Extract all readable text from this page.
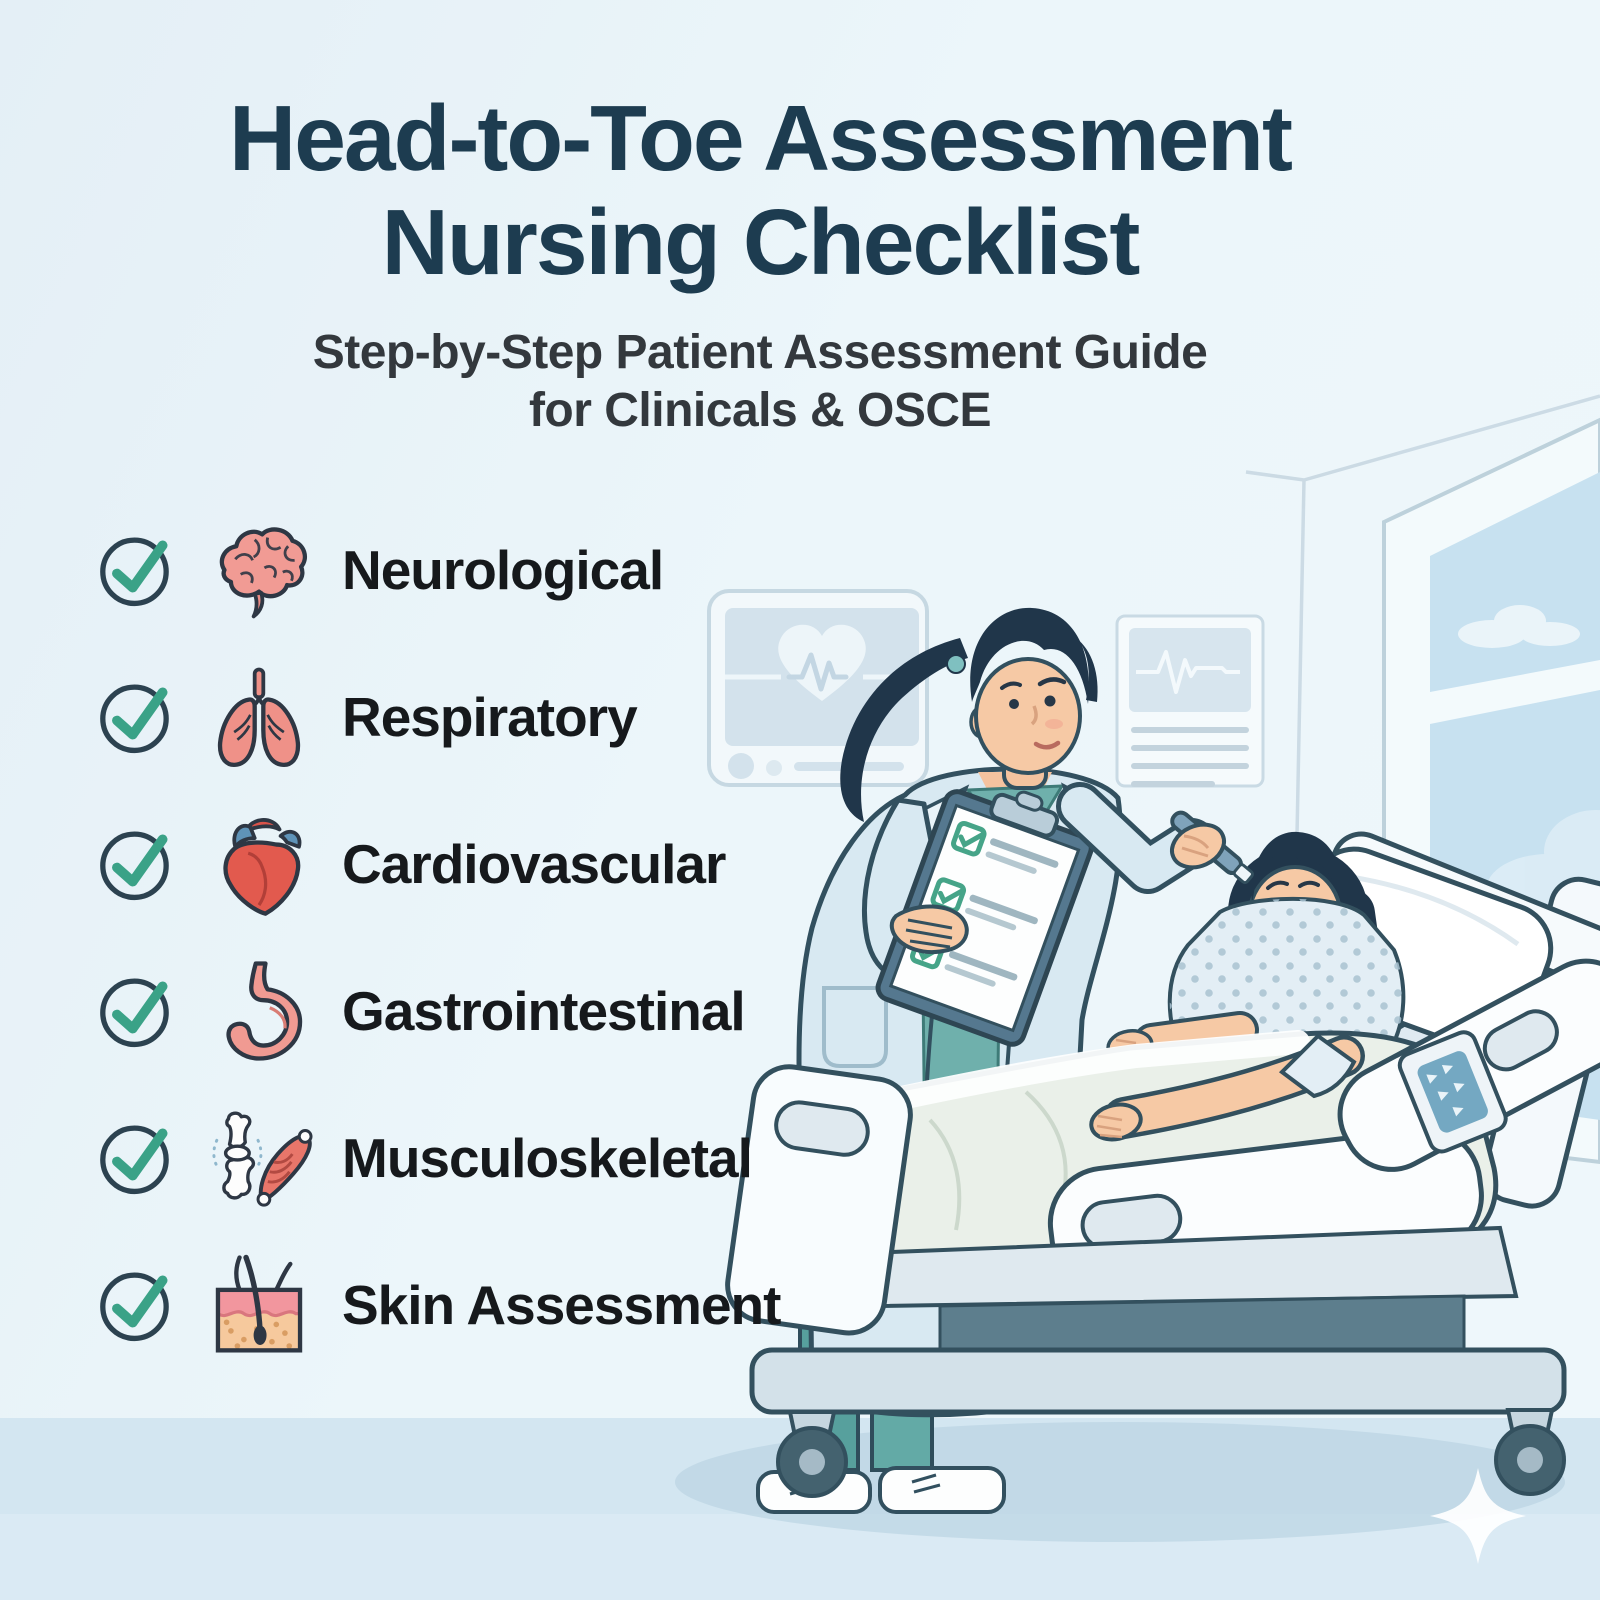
Head-to-Toe Assessment
Nursing Checklist
Step-by-Step Patient Assessment Guide
for Clinicals & OSCE
Neurological
Respiratory
Cardiovascular
Gastrointestinal
Musculoskeletal
Skin Assessment
